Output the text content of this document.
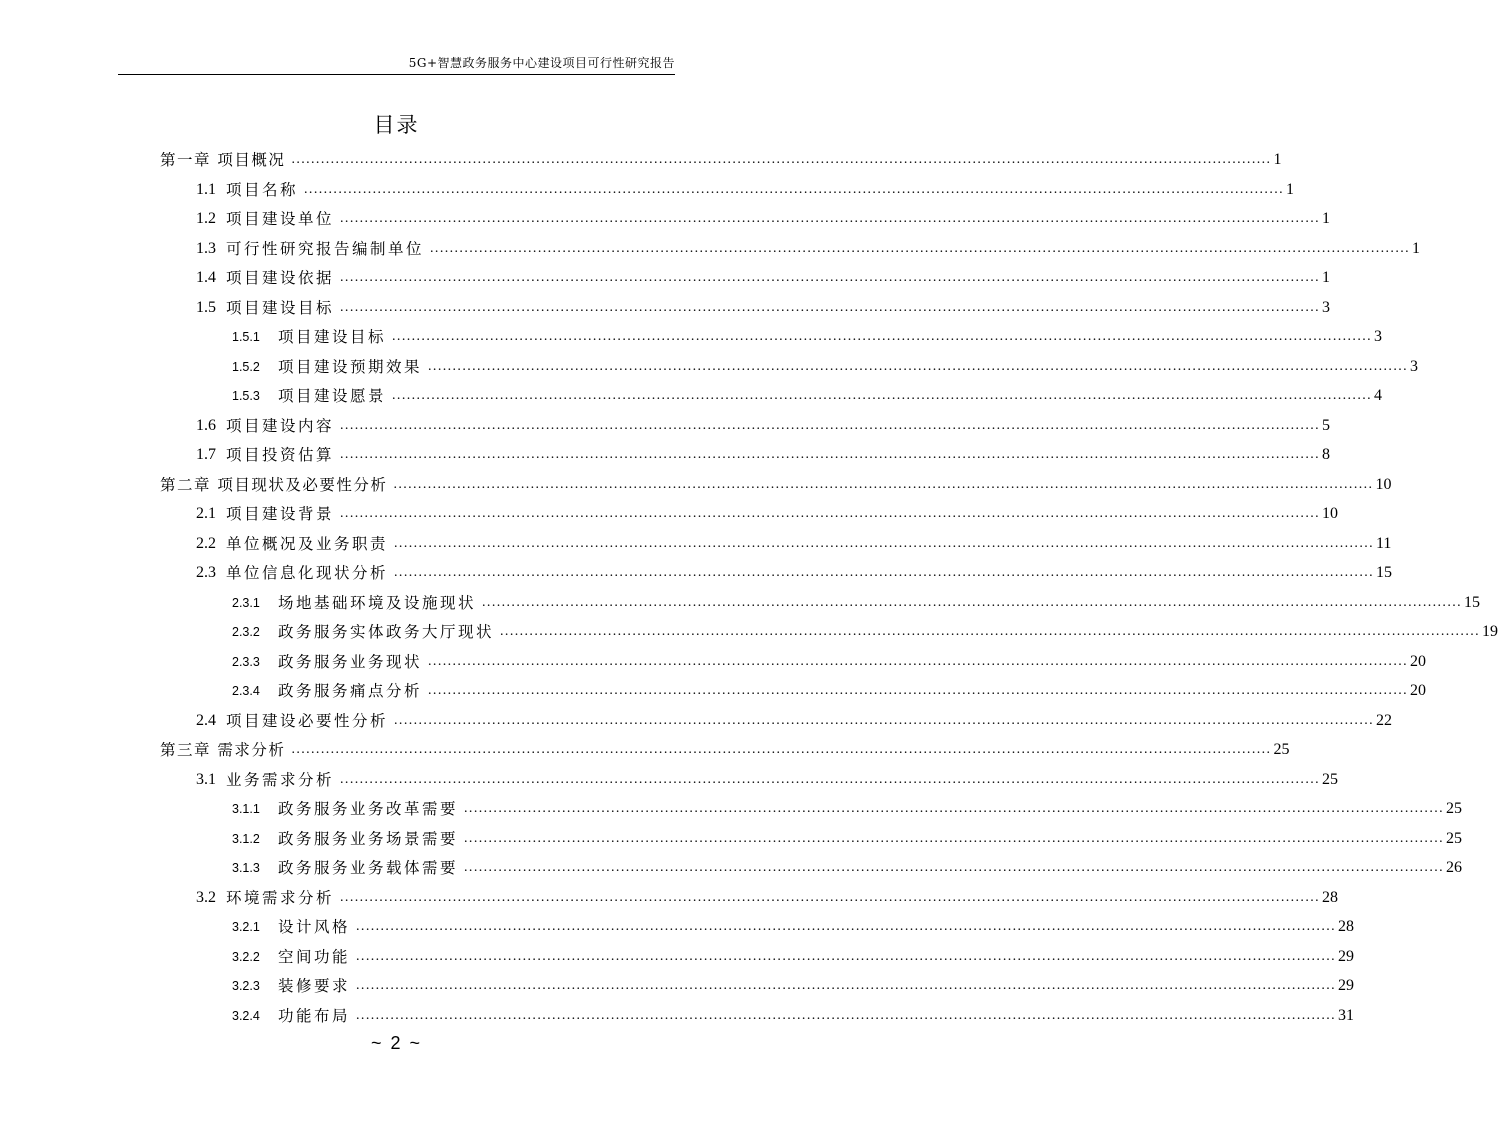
5G+智慧政务服务中心建设项目可行性研究报告
目录
第一章 项目概况 ........................................................................................................................................................................................................ 1
1.1 项目名称 ........................................................................................................................................................................................................ 1
1.2 项目建设单位 ........................................................................................................................................................................................................ 1
1.3 可行性研究报告编制单位 ........................................................................................................................................................................................................ 1
1.4 项目建设依据 ........................................................................................................................................................................................................ 1
1.5 项目建设目标 ........................................................................................................................................................................................................ 3
1.5.1	项目建设目标 ........................................................................................................................................................................................................ 3
1.5.2	项目建设预期效果 ........................................................................................................................................................................................................ 3
1.5.3	项目建设愿景 ........................................................................................................................................................................................................ 4
1.6 项目建设内容 ........................................................................................................................................................................................................ 5
1.7 项目投资估算 ........................................................................................................................................................................................................ 8
第二章 项目现状及必要性分析 ........................................................................................................................................................................................................ 10
2.1 项目建设背景 ........................................................................................................................................................................................................ 10
2.2 单位概况及业务职责 ........................................................................................................................................................................................................ 11
2.3 单位信息化现状分析 ........................................................................................................................................................................................................ 15
2.3.1	场地基础环境及设施现状 ........................................................................................................................................................................................................ 15
2.3.2	政务服务实体政务大厅现状 ........................................................................................................................................................................................................ 19
2.3.3	政务服务业务现状 ........................................................................................................................................................................................................ 20
2.3.4	政务服务痛点分析 ........................................................................................................................................................................................................ 20
2.4 项目建设必要性分析 ........................................................................................................................................................................................................ 22
第三章 需求分析 ........................................................................................................................................................................................................ 25
3.1 业务需求分析 ........................................................................................................................................................................................................ 25
3.1.1	政务服务业务改革需要 ........................................................................................................................................................................................................ 25
3.1.2	政务服务业务场景需要 ........................................................................................................................................................................................................ 25
3.1.3	政务服务业务载体需要 ........................................................................................................................................................................................................ 26
3.2 环境需求分析 ........................................................................................................................................................................................................ 28
3.2.1	设计风格 ........................................................................................................................................................................................................ 28
3.2.2	空间功能 ........................................................................................................................................................................................................ 29
3.2.3	装修要求 ........................................................................................................................................................................................................ 29
3.2.4	功能布局 ........................................................................................................................................................................................................ 31
~ 2 ~
